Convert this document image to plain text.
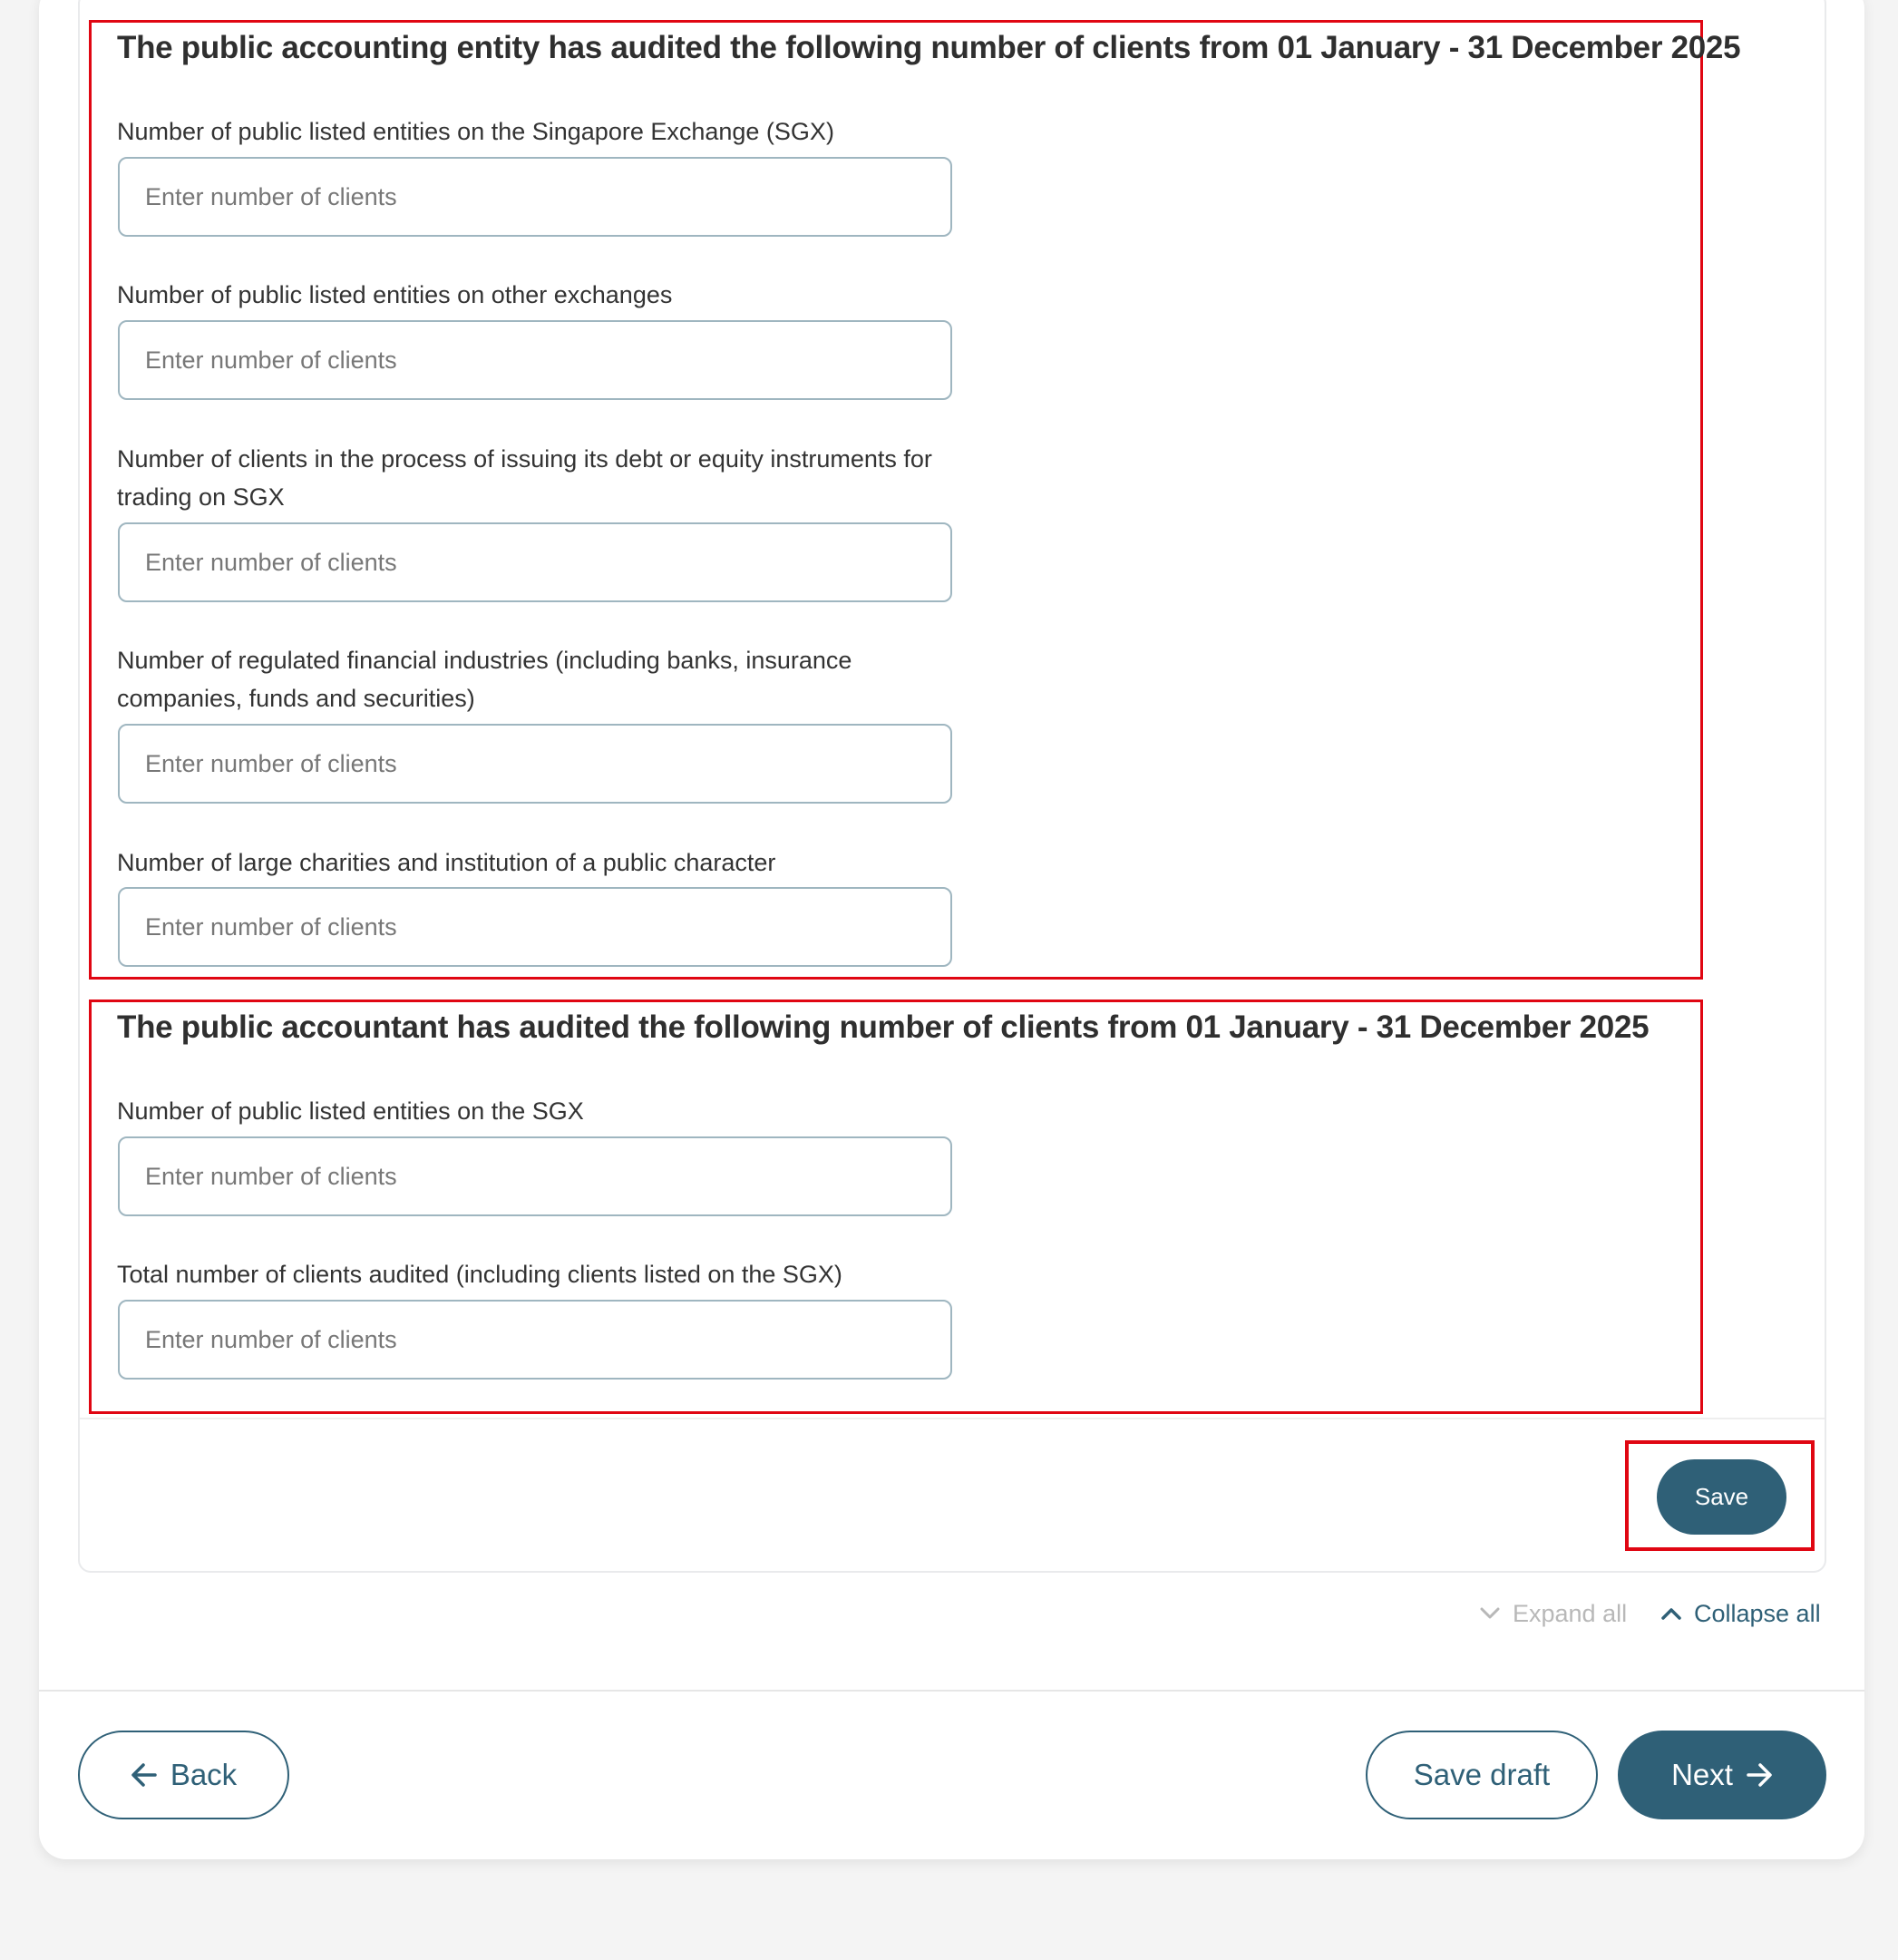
The public accounting entity has audited the following number of clients from 01 January - 31 December 2025
Number of public listed entities on the Singapore Exchange (SGX)
Enter number of clients
Number of public listed entities on other exchanges
Enter number of clients
Number of clients in the process of issuing its debt or equity instruments for trading on SGX
Enter number of clients
Number of regulated financial industries (including banks, insurance companies, funds and securities)
Enter number of clients
Number of large charities and institution of a public character
Enter number of clients
The public accountant has audited the following number of clients from 01 January - 31 December 2025
Number of public listed entities on the SGX
Enter number of clients
Total number of clients audited (including clients listed on the SGX)
Enter number of clients
Save
Expand all	Collapse all
Back	Save draft	Next
